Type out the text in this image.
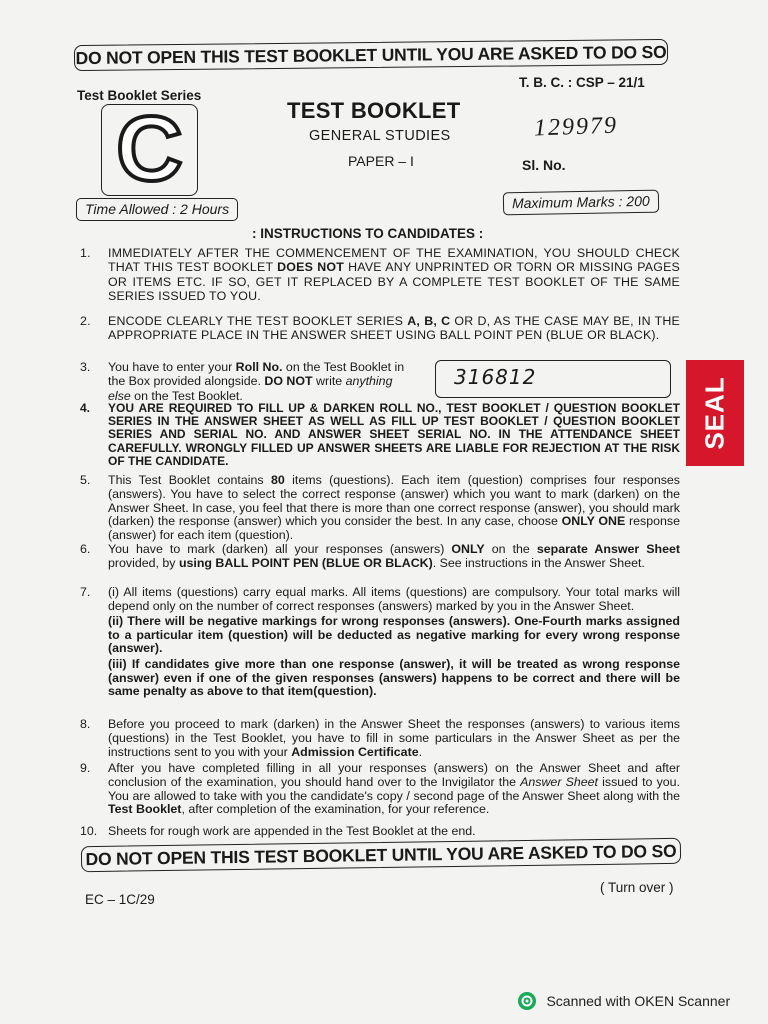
DO NOT OPEN THIS TEST BOOKLET UNTIL YOU ARE ASKED TO DO SO
T. B. C. : CSP – 21/1
Test Booklet Series
C	TEST BOOKLET
GENERAL STUDIES
PAPER – I
129979
Sl. No.
Time Allowed : 2 Hours	Maximum Marks : 200
: INSTRUCTIONS TO CANDIDATES :
SEAL
1.	IMMEDIATELY AFTER THE COMMENCEMENT OF THE EXAMINATION, YOU SHOULD CHECK THAT THIS TEST BOOKLET DOES NOT HAVE ANY UNPRINTED OR TORN OR MISSING PAGES OR ITEMS ETC. IF SO, GET IT REPLACED BY A COMPLETE TEST BOOKLET OF THE SAME SERIES ISSUED TO YOU.
2.	ENCODE CLEARLY THE TEST BOOKLET SERIES A, B, C OR D, AS THE CASE MAY BE, IN THE APPROPRIATE PLACE IN THE ANSWER SHEET USING BALL POINT PEN (BLUE OR BLACK).
3.	You have to enter your Roll No. on the Test Booklet in the Box provided alongside. DO NOT write anything else on the Test Booklet.
316812
4.	YOU ARE REQUIRED TO FILL UP & DARKEN ROLL NO., TEST BOOKLET / QUESTION BOOKLET SERIES IN THE ANSWER SHEET AS WELL AS FILL UP TEST BOOKLET / QUESTION BOOKLET SERIES AND SERIAL NO. AND ANSWER SHEET SERIAL NO. IN THE ATTENDANCE SHEET CAREFULLY. WRONGLY FILLED UP ANSWER SHEETS ARE LIABLE FOR REJECTION AT THE RISK OF THE CANDIDATE.
5.	This Test Booklet contains 80 items (questions). Each item (question) comprises four responses (answers). You have to select the correct response (answer) which you want to mark (darken) on the Answer Sheet. In case, you feel that there is more than one correct response (answer), you should mark (darken) the response (answer) which you consider the best. In any case, choose ONLY ONE response (answer) for each item (question).
6.	You have to mark (darken) all your responses (answers) ONLY on the separate Answer Sheet provided, by using BALL POINT PEN (BLUE OR BLACK). See instructions in the Answer Sheet.
7.	(i) All items (questions) carry equal marks. All items (questions) are compulsory. Your total marks will depend only on the number of correct responses (answers) marked by you in the Answer Sheet.
(ii) There will be negative markings for wrong responses (answers). One-Fourth marks assigned to a particular item (question) will be deducted as negative marking for every wrong response (answer).
(iii) If candidates give more than one response (answer), it will be treated as wrong response (answer) even if one of the given responses (answers) happens to be correct and there will be same penalty as above to that item(question).
8.	Before you proceed to mark (darken) in the Answer Sheet the responses (answers) to various items (questions) in the Test Booklet, you have to fill in some particulars in the Answer Sheet as per the instructions sent to you with your Admission Certificate.
9.	After you have completed filling in all your responses (answers) on the Answer Sheet and after conclusion of the examination, you should hand over to the Invigilator the Answer Sheet issued to you. You are allowed to take with you the candidate's copy / second page of the Answer Sheet along with the Test Booklet, after completion of the examination, for your reference.
10. Sheets for rough work are appended in the Test Booklet at the end.
DO NOT OPEN THIS TEST BOOKLET UNTIL YOU ARE ASKED TO DO SO
( Turn over )
EC – 1C/29
Scanned with OKEN Scanner
